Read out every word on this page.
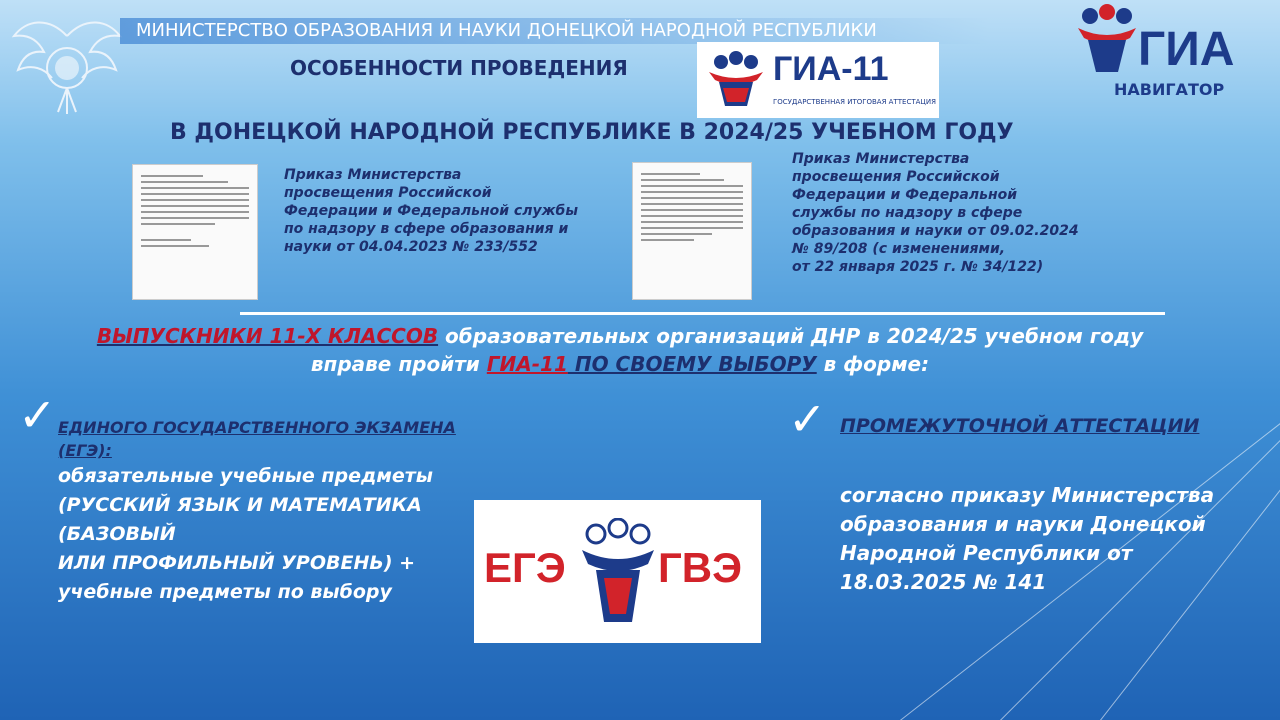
МИНИСТЕРСТВО ОБРАЗОВАНИЯ И НАУКИ ДОНЕЦКОЙ НАРОДНОЙ РЕСПУБЛИКИ
ОСОБЕННОСТИ ПРОВЕДЕНИЯ	ГИА-11
ГОСУДАРСТВЕННАЯ ИТОГОВАЯ АТТЕСТАЦИЯ
ГИА
НАВИГАТОР
В ДОНЕЦКОЙ НАРОДНОЙ РЕСПУБЛИКЕ В 2024/25 УЧЕБНОМ ГОДУ
Приказ Министерства
просвещения Российской
Федерации и Федеральной службы
по надзору в сфере образования и
науки от 04.04.2023 № 233/552
Приказ Министерства
просвещения Российской
Федерации и Федеральной
службы по надзору в сфере
образования и науки от 09.02.2024
№ 89/208 (с изменениями,
от 22 января 2025 г. № 34/122)
ВЫПУСКНИКИ 11-Х КЛАССОВ образовательных организаций ДНР в 2024/25 учебном году
вправе пройти ГИА-11 ПО СВОЕМУ ВЫБОРУ в форме:
✓ ЕДИНОГО ГОСУДАРСТВЕННОГО ЭКЗАМЕНА (ЕГЭ):
обязательные учебные предметы
(РУССКИЙ ЯЗЫК И МАТЕМАТИКА
(БАЗОВЫЙ
ИЛИ ПРОФИЛЬНЫЙ УРОВЕНЬ) +
учебные предметы по выбору
ЕГЭ ГВЭ
✓ ПРОМЕЖУТОЧНОЙ АТТЕСТАЦИИ
согласно приказу Министерства образования и науки Донецкой Народной Республики от 18.03.2025 № 141
